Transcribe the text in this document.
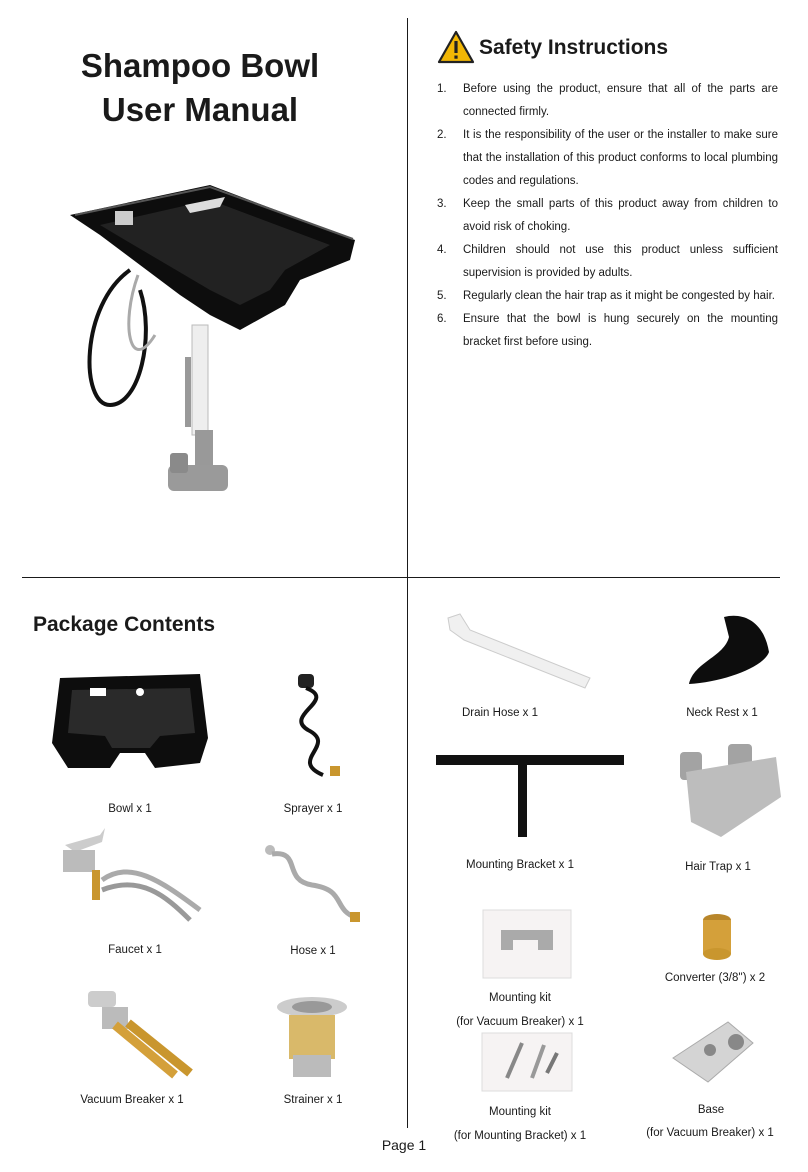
Shampoo Bowl
User Manual
Safety Instructions
1. Before using the product, ensure that all of the parts are connected firmly.
2. It is the responsibility of the user or the installer to make sure that the installation of this product conforms to local plumbing codes and regulations.
3. Keep the small parts of this product away from children to avoid risk of choking.
4. Children should not use this product unless sufficient supervision is provided by adults.
5. Regularly clean the hair trap as it might be congested by hair.
6. Ensure that the bowl is hung securely on the mounting bracket first before using.
Package Contents
Bowl x 1	Sprayer x 1
Faucet x 1	Hose x 1
Vacuum Breaker x 1	Strainer x 1
Drain Hose x 1	Neck Rest x 1
Mounting Bracket x 1	Hair Trap x 1
Mounting kit
(for Vacuum Breaker) x 1
Converter (3/8'') x 2
Mounting kit
(for Mounting Bracket) x 1
Base
(for Vacuum Breaker) x 1
Page 1
